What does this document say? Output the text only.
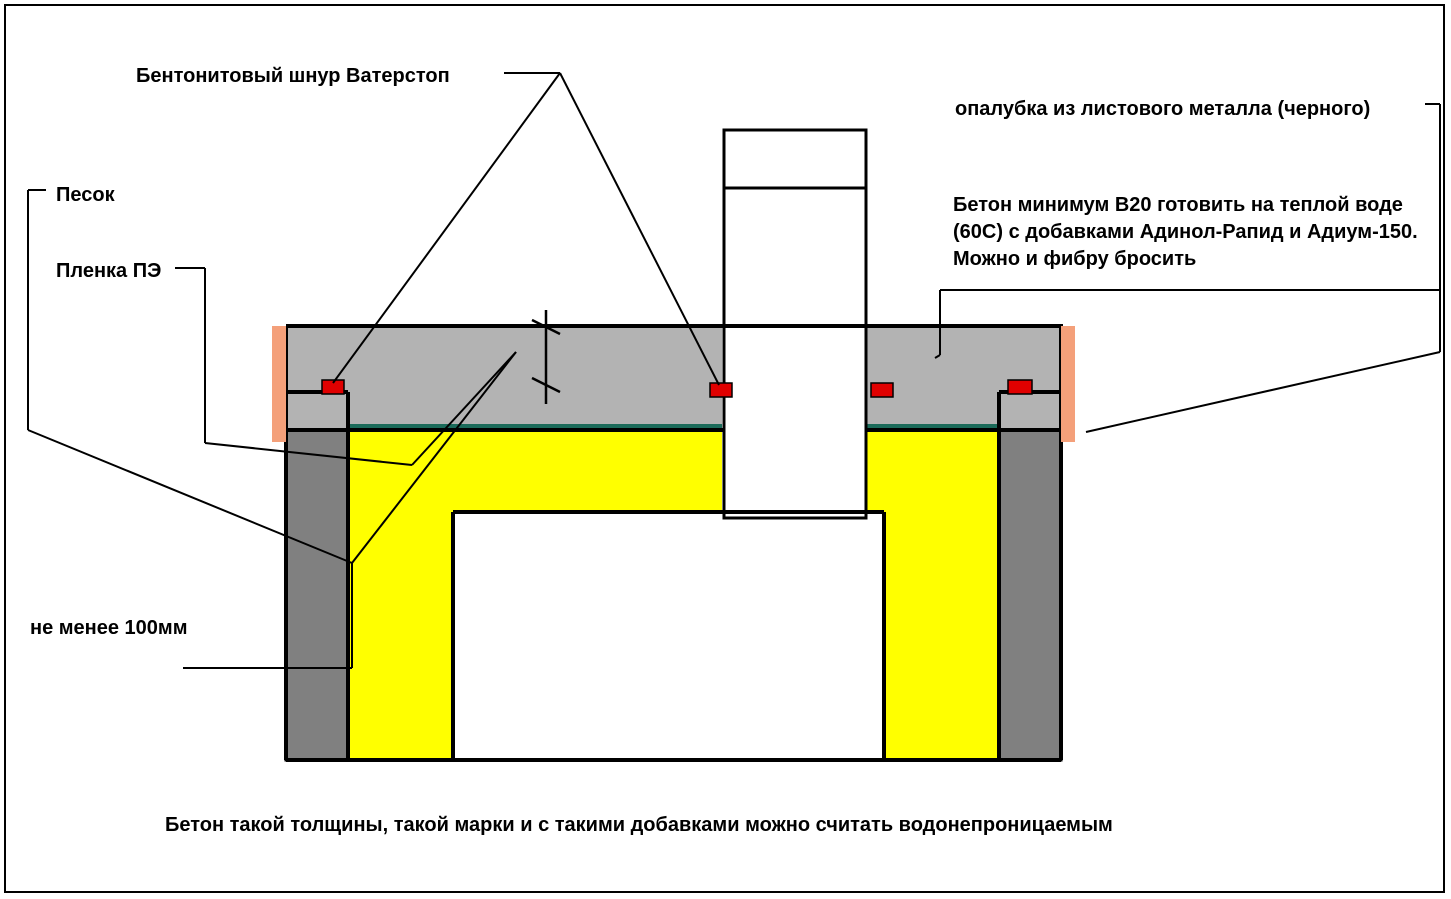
Бентонитовый шнур Ватерстоп
Песок
Пленка ПЭ
не менее 100мм
опалубка из листового металла (черного)
Бетон минимум B20 готовить на теплой воде (60С) с добавками Адинол-Рапид и Адиум-150. Можно и фибру бросить
Бетон такой толщины, такой марки и с такими добавками можно считать водонепроницаемым
